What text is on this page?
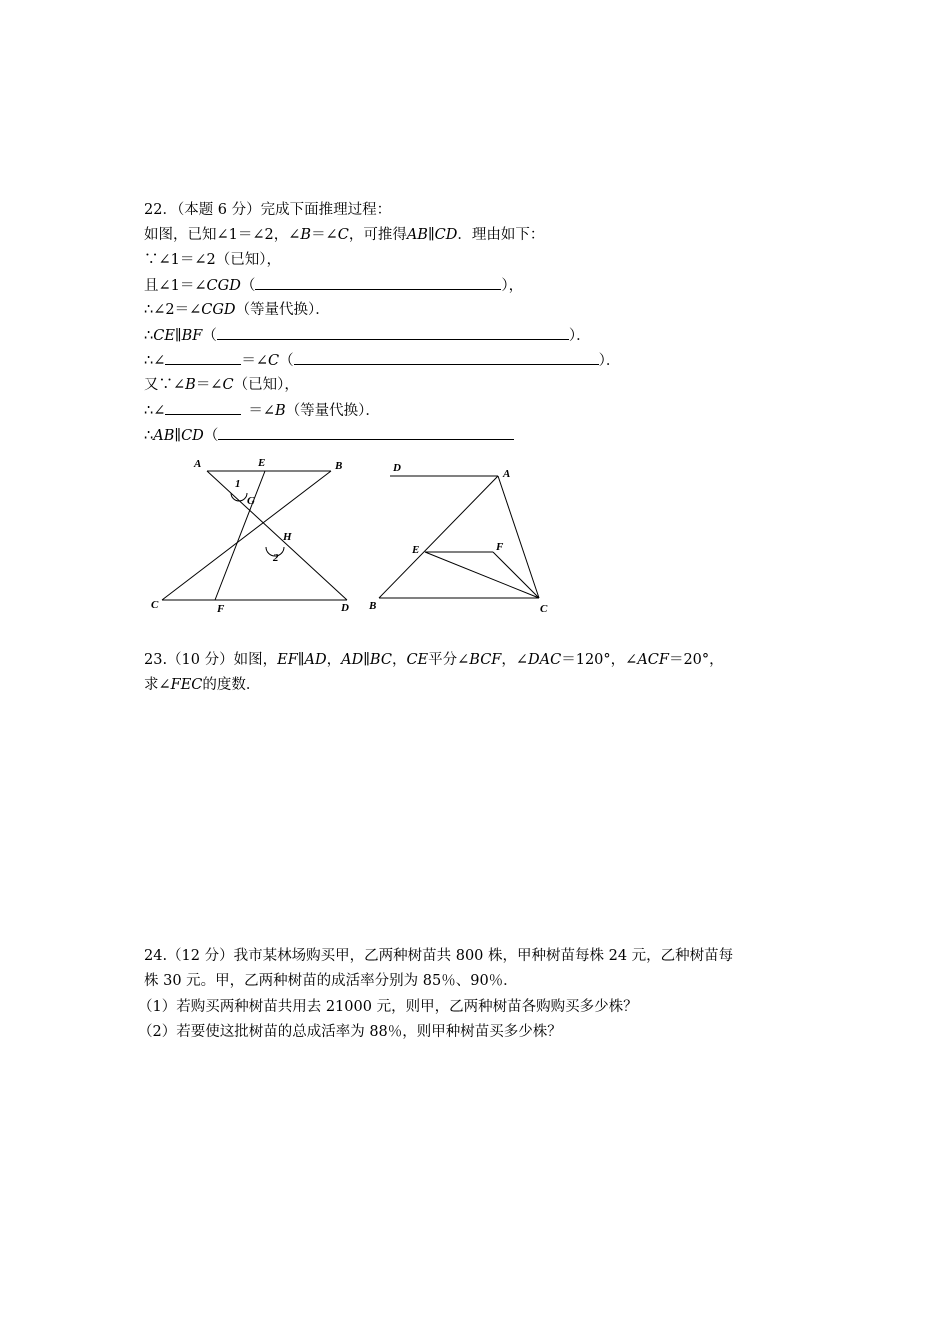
22．（本题 6 分）完成下面推理过程：
如图，已知∠1＝∠2，∠B＝∠C，可推得AB∥CD．理由如下：
∵∠1＝∠2（已知），
且∠1＝∠CGD（	），
∴∠2＝∠CGD（等量代换）．
∴CE∥BF（	）．
∴∠	＝∠C（	）．
又∵∠B＝∠C（已知），
∴∠	＝∠B（等量代换）．
∴AB∥CD（
A	E	B
1
G
H
2
C	F	D
D	A
E	F
B	C
23.（10 分）如图，EF∥AD，AD∥BC，CE平分∠BCF，∠DAC＝120°，∠ACF＝20°，
求∠FEC的度数．
24.（12 分）我市某林场购买甲，乙两种树苗共 800 株，甲种树苗每株 24 元，乙种树苗每
株 30 元。甲，乙两种树苗的成活率分别为 85％、90％．
（1）若购买两种树苗共用去 21000 元，则甲，乙两种树苗各购购买多少株？
（2）若要使这批树苗的总成活率为 88％，则甲种树苗买多少株？
